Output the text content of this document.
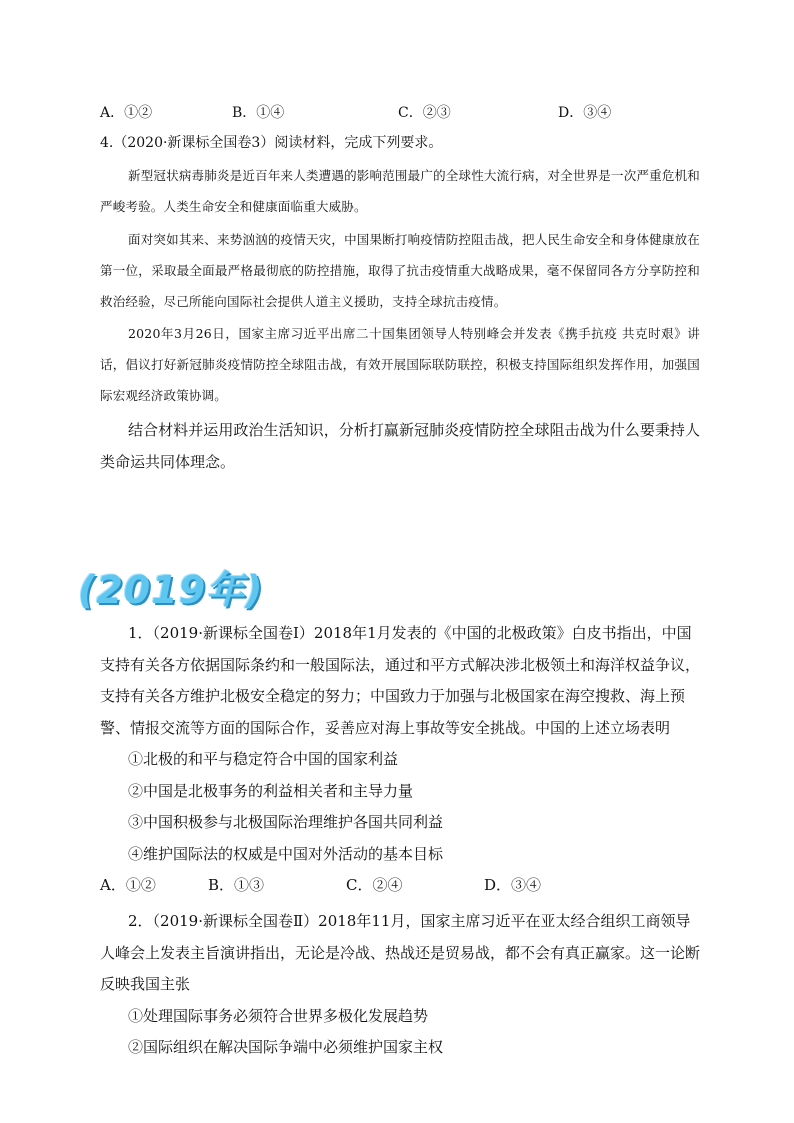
A．①②	B．①④	C．②③	D．③④
4.（2020·新课标全国卷3）阅读材料，完成下列要求。
新型冠状病毒肺炎是近百年来人类遭遇的影响范围最广的全球性大流行病，对全世界是一次严重危机和严峻考验。人类生命安全和健康面临重大威胁。
面对突如其来、来势汹汹的疫情天灾，中国果断打响疫情防控阻击战，把人民生命安全和身体健康放在第一位，采取最全面最严格最彻底的防控措施，取得了抗击疫情重大战略成果，毫不保留同各方分享防控和救治经验，尽己所能向国际社会提供人道主义援助，支持全球抗击疫情。
2020年3月26日，国家主席习近平出席二十国集团领导人特别峰会并发表《携手抗疫 共克时艰》讲话，倡议打好新冠肺炎疫情防控全球阻击战，有效开展国际联防联控，积极支持国际组织发挥作用，加强国际宏观经济政策协调。
结合材料并运用政治生活知识，分析打赢新冠肺炎疫情防控全球阻击战为什么要秉持人类命运共同体理念。
(2019年)

1．（2019·新课标全国卷Ⅰ）2018年1月发表的《中国的北极政策》白皮书指出，中国支持有关各方依据国际条约和一般国际法，通过和平方式解决涉北极领土和海洋权益争议，支持有关各方维护北极安全稳定的努力；中国致力于加强与北极国家在海空搜救、海上预警、情报交流等方面的国际合作，妥善应对海上事故等安全挑战。中国的上述立场表明

①北极的和平与稳定符合中国的国家利益

②中国是北极事务的利益相关者和主导力量

③中国积极参与北极国际治理维护各国共同利益

④维护国际法的权威是中国对外活动的基本目标

A．①②	B．①③	C．②④	D．③④

2．（2019·新课标全国卷Ⅱ）2018年11月，国家主席习近平在亚太经合组织工商领导人峰会上发表主旨演讲指出，无论是冷战、热战还是贸易战，都不会有真正赢家。这一论断反映我国主张

①处理国际事务必须符合世界多极化发展趋势

②国际组织在解决国际争端中必须维护国家主权
